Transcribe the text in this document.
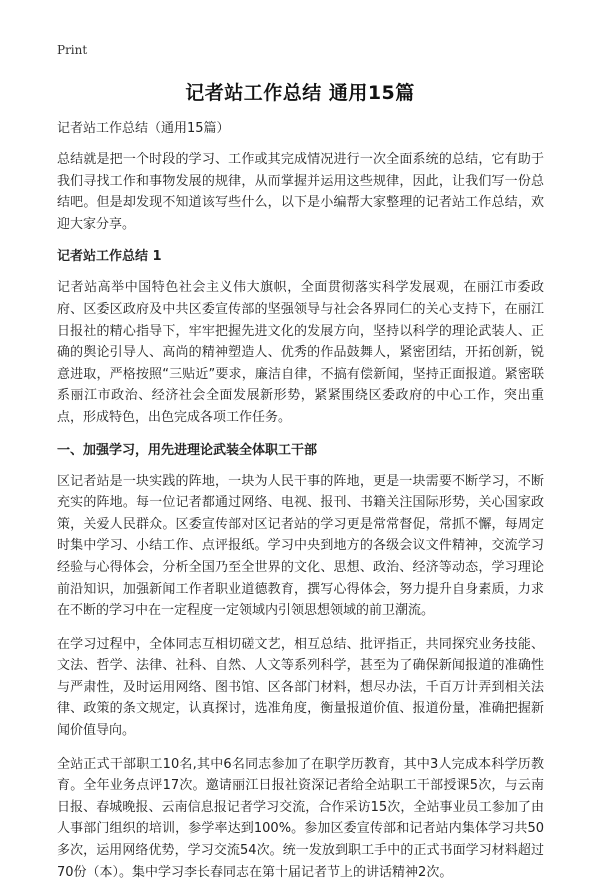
Print
记者站工作总结 通用15篇
记者站工作总结（通用15篇）

总结就是把一个时段的学习、工作或其完成情况进行一次全面系统的总结，它有助于我们寻找工作和事物发展的规律，从而掌握并运用这些规律，因此，让我们写一份总结吧。但是却发现不知道该写些什么，以下是小编帮大家整理的记者站工作总结，欢迎大家分享。

记者站工作总结 1

记者站高举中国特色社会主义伟大旗帜，全面贯彻落实科学发展观，在丽江市委政府、区委区政府及中共区委宣传部的坚强领导与社会各界同仁的关心支持下，在丽江日报社的精心指导下，牢牢把握先进文化的发展方向，坚持以科学的理论武装人、正确的舆论引导人、高尚的精神塑造人、优秀的作品鼓舞人，紧密团结，开拓创新，锐意进取，严格按照“三贴近”要求，廉洁自律，不搞有偿新闻，坚持正面报道。紧密联系丽江市政治、经济社会全面发展新形势，紧紧围绕区委政府的中心工作，突出重点，形成特色，出色完成各项工作任务。

一、加强学习，用先进理论武装全体职工干部

区记者站是一块实践的阵地，一块为人民干事的阵地，更是一块需要不断学习，不断充实的阵地。每一位记者都通过网络、电视、报刊、书籍关注国际形势，关心国家政策，关爱人民群众。区委宣传部对区记者站的学习更是常常督促，常抓不懈，每周定时集中学习、小结工作、点评报纸。学习中央到地方的各级会议文件精神，交流学习经验与心得体会，分析全国乃至全世界的文化、思想、政治、经济等动态，学习理论前沿知识，加强新闻工作者职业道德教育，撰写心得体会，努力提升自身素质，力求在不断的学习中在一定程度一定领域内引领思想领域的前卫潮流。

在学习过程中，全体同志互相切磋文艺，相互总结、批评指正，共同探究业务技能、文法、哲学、法律、社科、自然、人文等系列科学，甚至为了确保新闻报道的准确性与严肃性，及时运用网络、图书馆、区各部门材料，想尽办法，千百万计弄到相关法律、政策的条文规定，认真探讨，选准角度，衡量报道价值、报道份量，准确把握新闻价值导向。

全站正式干部职工10名,其中6名同志参加了在职学历教育，其中3人完成本科学历教育。全年业务点评17次。邀请丽江日报社资深记者给全站职工干部授课5次，与云南日报、春城晚报、云南信息报记者学习交流，合作采访15次，全站事业员工参加了由人事部门组织的培训，参学率达到100%。参加区委宣传部和记者站内集体学习共50多次，运用网络优势，学习交流54次。统一发放到职工手中的正式书面学习材料超过70份（本）。集中学习李长春同志在第十届记者节上的讲话精神2次。
